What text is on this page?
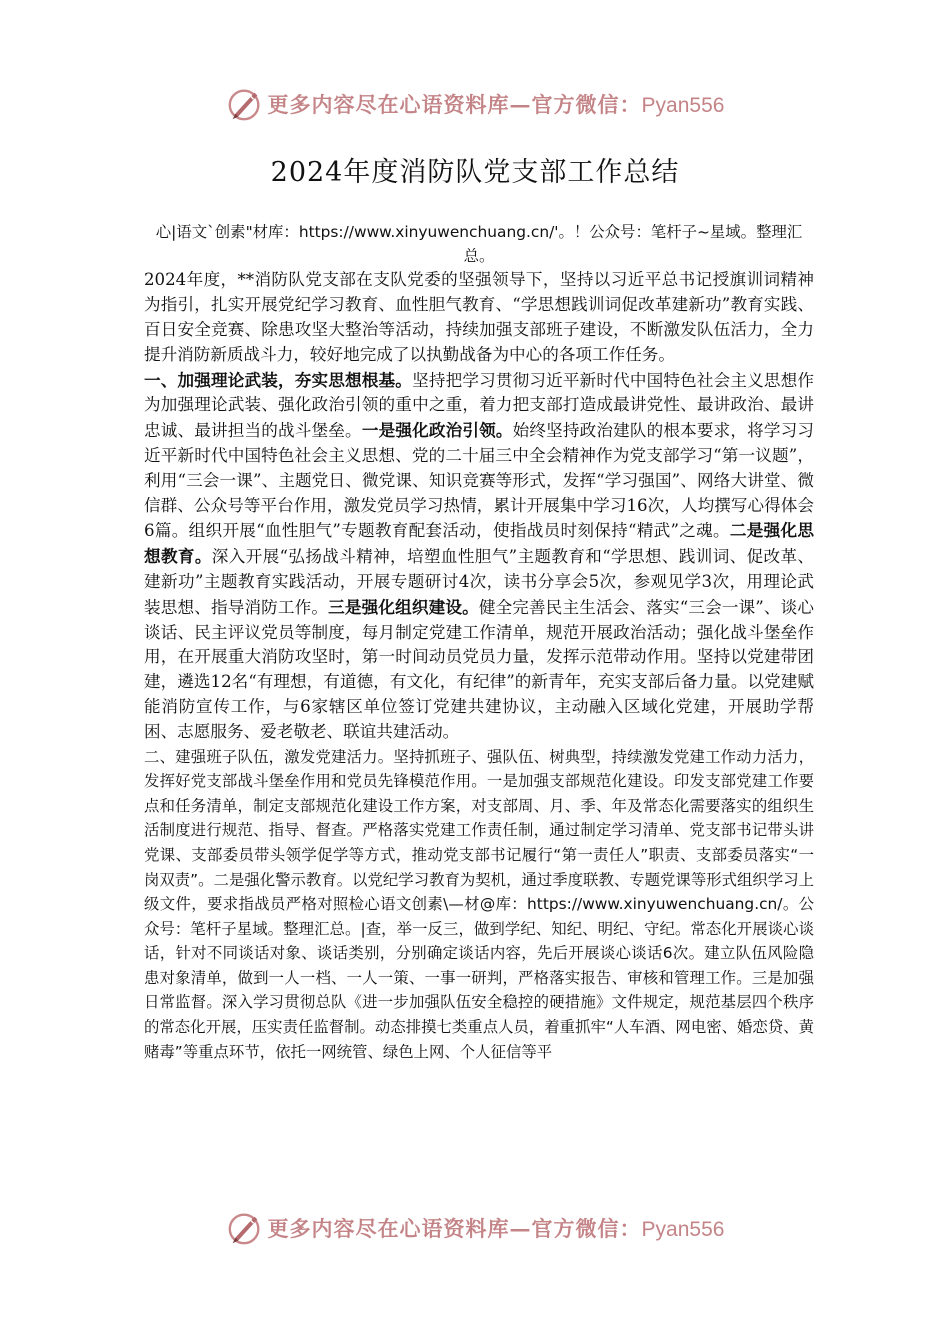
更多内容尽在心语资料库—官方微信：Pyan556
2024年度消防队党支部工作总结

心|语文`创素"材库：https://www.xinyuwenchuang.cn/'。！公众号：笔杆子~星域。整理汇总。

2024年度，**消防队党支部在支队党委的坚强领导下，坚持以习近平总书记授旗训词精神为指引，扎实开展党纪学习教育、血性胆气教育、“学思想践训词促改革建新功”教育实践、百日安全竞赛、除患攻坚大整治等活动，持续加强支部班子建设，不断激发队伍活力，全力提升消防新质战斗力，较好地完成了以执勤战备为中心的各项工作任务。

一、加强理论武装，夯实思想根基。坚持把学习贯彻习近平新时代中国特色社会主义思想作为加强理论武装、强化政治引领的重中之重，着力把支部打造成最讲党性、最讲政治、最讲忠诚、最讲担当的战斗堡垒。一是强化政治引领。始终坚持政治建队的根本要求，将学习习近平新时代中国特色社会主义思想、党的二十届三中全会精神作为党支部学习“第一议题”，利用“三会一课”、主题党日、微党课、知识竞赛等形式，发挥“学习强国”、网络大讲堂、微信群、公众号等平台作用，激发党员学习热情，累计开展集中学习16次，人均撰写心得体会6篇。组织开展“血性胆气”专题教育配套活动，使指战员时刻保持“精武”之魂。二是强化思想教育。深入开展“弘扬战斗精神，培塑血性胆气”主题教育和“学思想、践训词、促改革、建新功”主题教育实践活动，开展专题研讨4次，读书分享会5次，参观见学3次，用理论武装思想、指导消防工作。三是强化组织建设。健全完善民主生活会、落实“三会一课”、谈心谈话、民主评议党员等制度，每月制定党建工作清单，规范开展政治活动；强化战斗堡垒作用，在开展重大消防攻坚时，第一时间动员党员力量，发挥示范带动作用。坚持以党建带团建，遴选12名“有理想，有道德，有文化，有纪律”的新青年，充实支部后备力量。以党建赋能消防宣传工作，与6家辖区单位签订党建共建协议，主动融入区域化党建，开展助学帮困、志愿服务、爱老敬老、联谊共建活动。

二、建强班子队伍，激发党建活力。坚持抓班子、强队伍、树典型，持续激发党建工作动力活力，发挥好党支部战斗堡垒作用和党员先锋模范作用。一是加强支部规范化建设。印发支部党建工作要点和任务清单，制定支部规范化建设工作方案，对支部周、月、季、年及常态化需要落实的组织生活制度进行规范、指导、督查。严格落实党建工作责任制，通过制定学习清单、党支部书记带头讲党课、支部委员带头领学促学等方式，推动党支部书记履行“第一责任人”职责、支部委员落实“一岗双责”。二是强化警示教育。以党纪学习教育为契机，通过季度联教、专题党课等形式组织学习上级文件，要求指战员严格对照检心语文创素\—材@库：https://www.xinyuwenchuang.cn/。公众号：笔杆子星域。整理汇总。|查，举一反三，做到学纪、知纪、明纪、守纪。常态化开展谈心谈话，针对不同谈话对象、谈话类别，分别确定谈话内容，先后开展谈心谈话6次。建立队伍风险隐患对象清单，做到一人一档、一人一策、一事一研判，严格落实报告、审核和管理工作。三是加强日常监督。深入学习贯彻总队《进一步加强队伍安全稳控的硬措施》文件规定，规范基层四个秩序的常态化开展，压实责任监督制。动态排摸七类重点人员，着重抓牢“人车酒、网电密、婚恋贷、黄赌毒”等重点环节，依托一网统管、绿色上网、个人征信等平

更多内容尽在心语资料库—官方微信：Pyan556
